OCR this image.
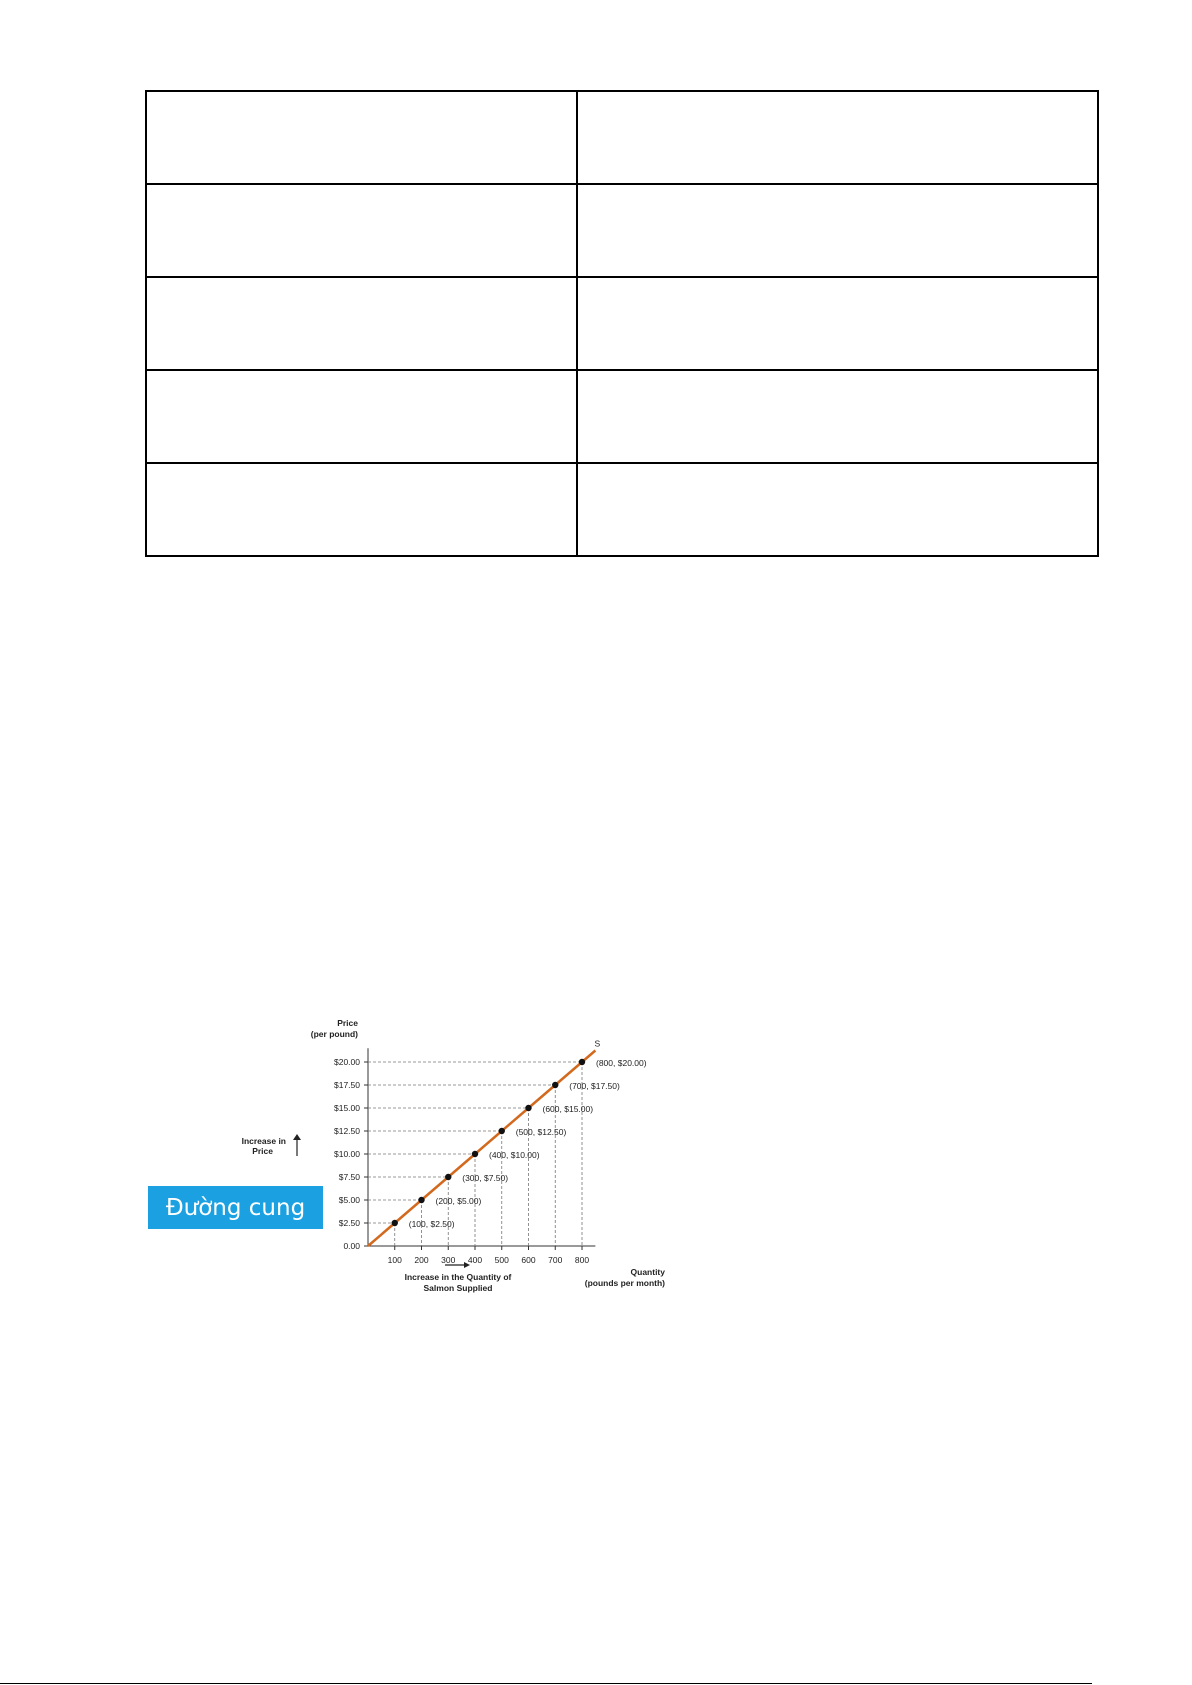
Đường cung
0.00
$2.50
$5.00
$7.50
$10.00
$12.50
$15.00
$17.50
$20.00
100 200 300 400 500 600 700 800
(100, $2.50)
(200, $5.00)
(300, $7.50)
(400, $10.00)
(500, $12.50)
(600, $15.00)
(700, $17.50)
(800, $20.00)
S
Price
(per pound)
Quantity
(pounds per month)
Increase in
Price
Increase in the Quantity of
Salmon Supplied
